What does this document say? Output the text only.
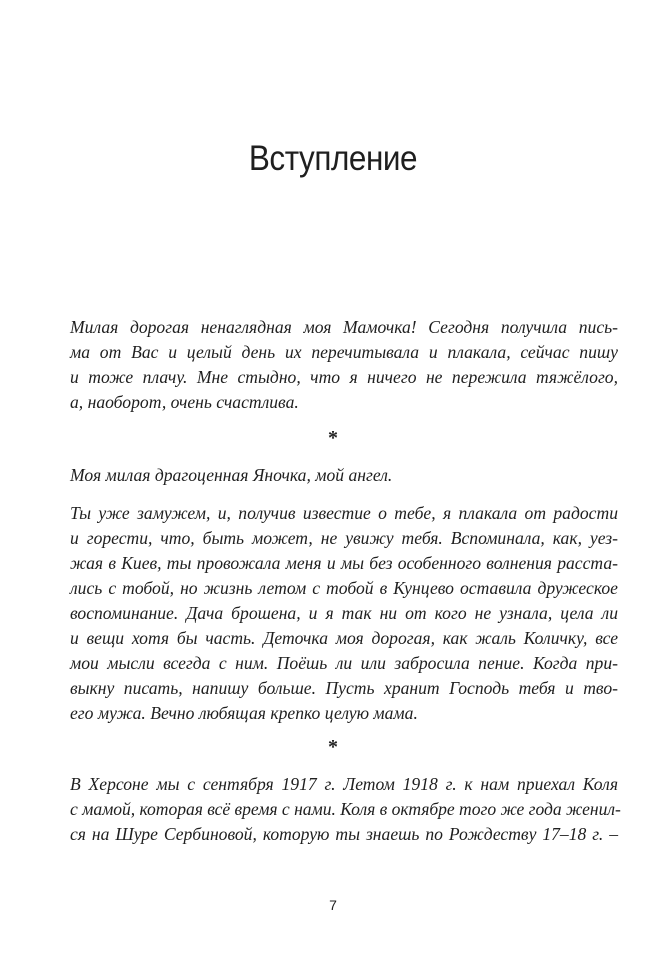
Вступление
Милая дорогая ненаглядная моя Мамочка! Сегодня получила пись-
ма от Вас и целый день их перечитывала и плакала, сейчас пишу
и тоже плачу. Мне стыдно, что я ничего не пережила тяжёлого,
а, наоборот, очень счастлива.
*
Моя милая драгоценная Яночка, мой ангел.
Ты уже замужем, и, получив известие о тебе, я плакала от радости
и горести, что, быть может, не увижу тебя. Вспоминала, как, уез-
жая в Киев, ты провожала меня и мы без особенного волнения расста-
лись с тобой, но жизнь летом с тобой в Кунцево оставила дружеское
воспоминание. Дача брошена, и я так ни от кого не узнала, цела ли
и вещи хотя бы часть. Деточка моя дорогая, как жаль Количку, все
мои мысли всегда с ним. Поёшь ли или забросила пение. Когда при-
выкну писать, напишу больше. Пусть хранит Господь тебя и тво-
его мужа. Вечно любящая крепко целую мама.
*
В Херсоне мы с сентября 1917 г. Летом 1918 г. к нам приехал Коля
с мамой, которая всё время с нами. Коля в октябре того же года женил-
ся на Шуре Сербиновой, которую ты знаешь по Рождеству 17–18 г. –
7
